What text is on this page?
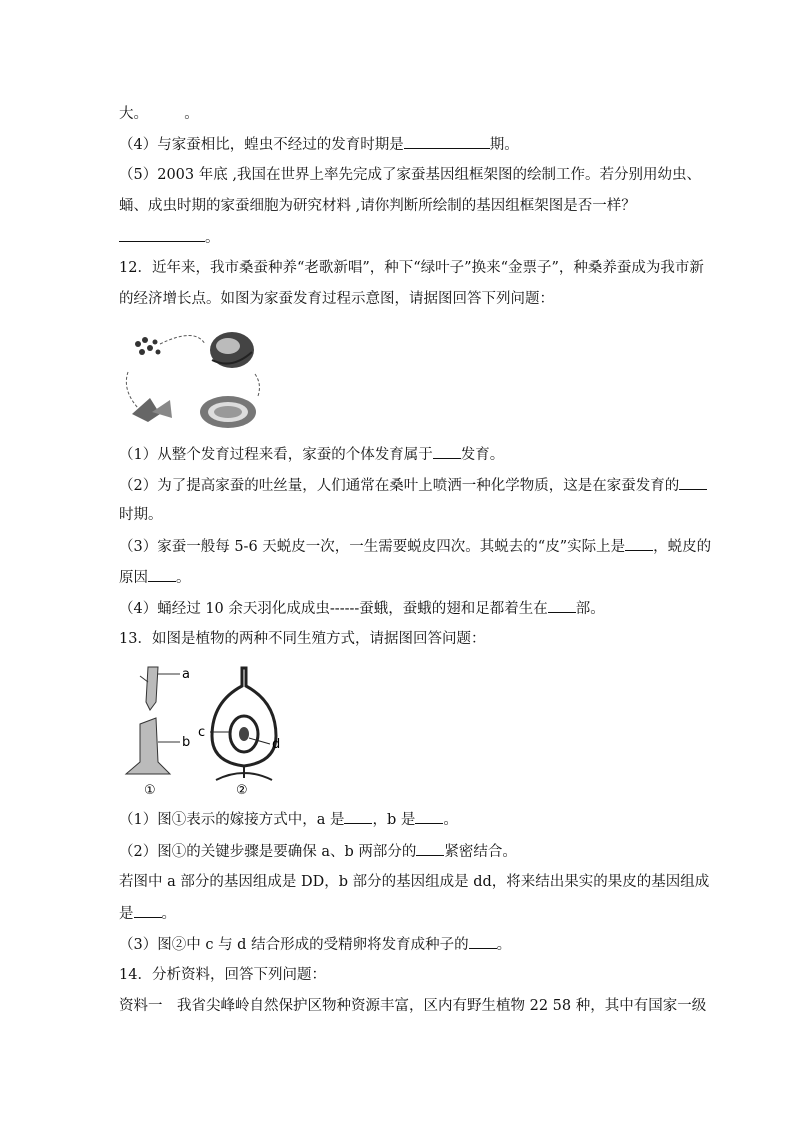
大。　　　。
（4）与家蚕相比，蝗虫不经过的发育时期是	期。
（5）2003 年底 ,我国在世界上率先完成了家蚕基因组框架图的绘制工作。若分别用幼虫、
蛹、成虫时期的家蚕细胞为研究材料 ,请你判断所绘制的基因组框架图是否一样？
。
12．近年来，我市桑蚕种养“老歌新唱”，种下“绿叶子”换来“金票子”，种桑养蚕成为我市新
的经济增长点。如图为家蚕发育过程示意图，请据图回答下列问题：
（1）从整个发育过程来看，家蚕的个体发育属于 发育。
（2）为了提高家蚕的吐丝量，人们通常在桑叶上喷洒一种化学物质，这是在家蚕发育的
时期。
（3）家蚕一般每 5-6 天蜕皮一次，一生需要蜕皮四次。其蜕去的“皮”实际上是 ，蜕皮的
原因 。
（4）蛹经过 10 余天羽化成成虫------蚕蛾，蚕蛾的翅和足都着生在 部。
13．如图是植物的两种不同生殖方式，请据图回答问题：
a
b
①
c
d
②
（1）图①表示的嫁接方式中，a 是 ，b 是 。
（2）图①的关键步骤是要确保 a、b 两部分的 紧密结合。
若图中 a 部分的基因组成是 DD，b 部分的基因组成是 dd，将来结出果实的果皮的基因组成
是 。
（3）图②中 c 与 d 结合形成的受精卵将发育成种子的 。
14．分析资料，回答下列问题：
资料一　我省尖峰岭自然保护区物种资源丰富，区内有野生植物 22 58 种，其中有国家一级
